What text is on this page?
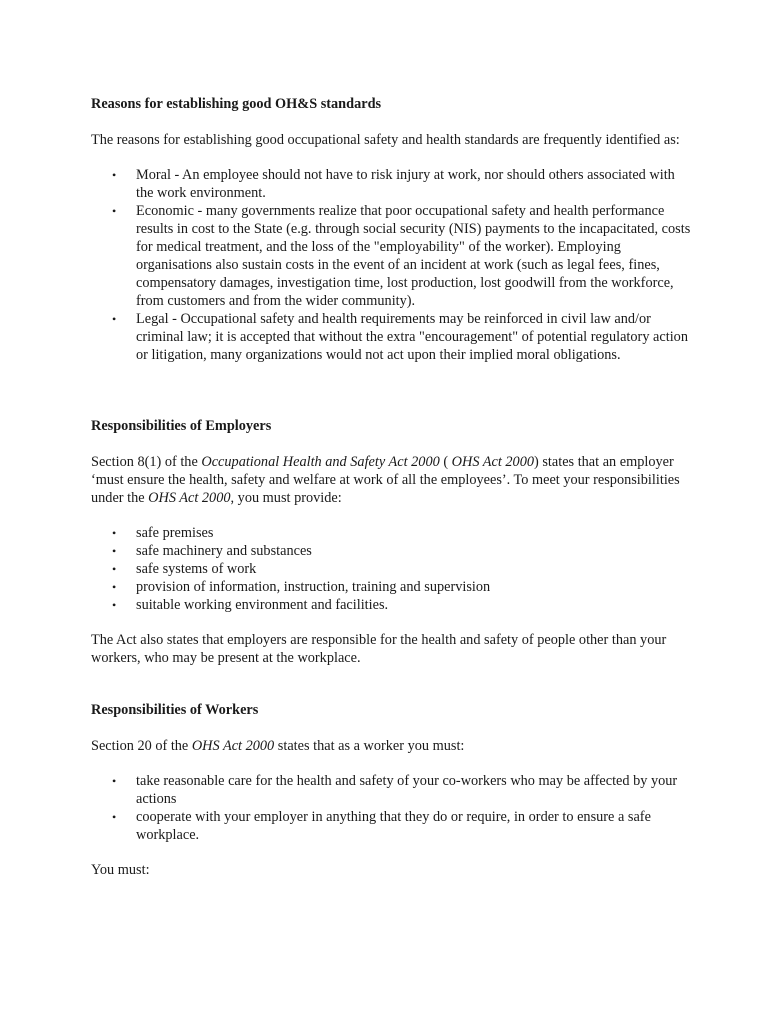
Reasons for establishing good OH&S standards

The reasons for establishing good occupational safety and health standards are frequently identified as:

• Moral - An employee should not have to risk injury at work, nor should others associated with the work environment.
• Economic - many governments realize that poor occupational safety and health performance results in cost to the State (e.g. through social security (NIS) payments to the incapacitated, costs for medical treatment, and the loss of the "employability" of the worker). Employing organisations also sustain costs in the event of an incident at work (such as legal fees, fines, compensatory damages, investigation time, lost production, lost goodwill from the workforce, from customers and from the wider community).
• Legal - Occupational safety and health requirements may be reinforced in civil law and/or criminal law; it is accepted that without the extra "encouragement" of potential regulatory action or litigation, many organizations would not act upon their implied moral obligations.
Responsibilities of Employers

Section 8(1) of the Occupational Health and Safety Act 2000 ( OHS Act 2000) states that an employer ‘must ensure the health, safety and welfare at work of all the employees’. To meet your responsibilities under the OHS Act 2000, you must provide:

• safe premises
• safe machinery and substances
• safe systems of work
• provision of information, instruction, training and supervision
• suitable working environment and facilities.

The Act also states that employers are responsible for the health and safety of people other than your workers, who may be present at the workplace.

Responsibilities of Workers

Section 20 of the OHS Act 2000 states that as a worker you must:

• take reasonable care for the health and safety of your co-workers who may be affected by your actions
• cooperate with your employer in anything that they do or require, in order to ensure a safe workplace.

You must:
